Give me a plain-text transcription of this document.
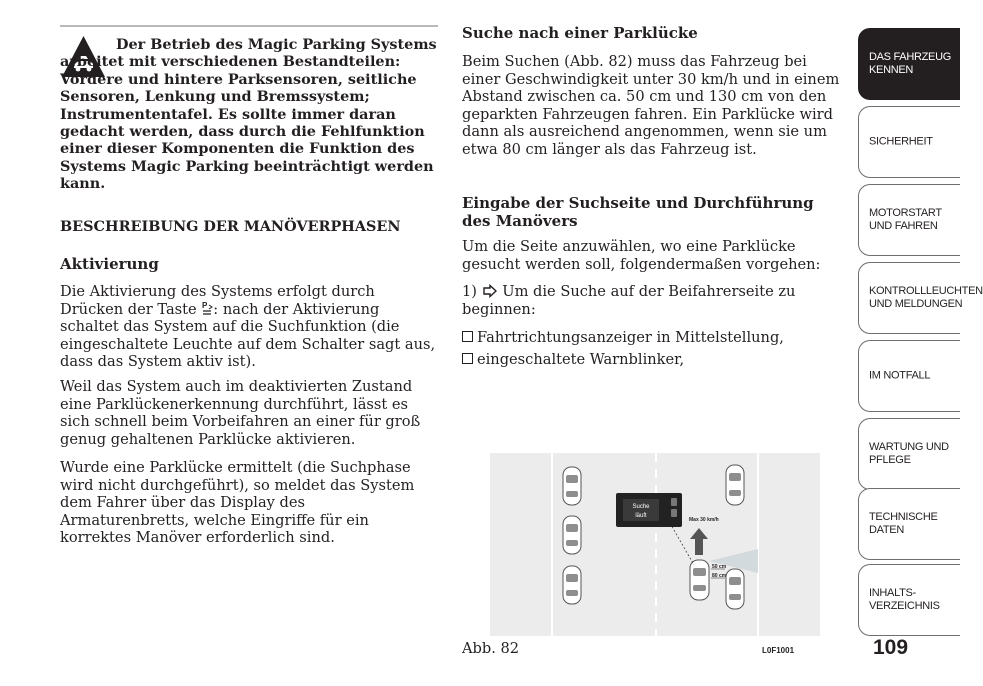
Der Betrieb des Magic Parking Systems arbeitet mit verschiedenen Bestandteilen: Vordere und hintere Parksensoren, seitliche Sensoren, Lenkung und Bremssystem; Instrumententafel. Es sollte immer daran gedacht werden, dass durch die Fehlfunktion einer dieser Komponenten die Funktion des Systems Magic Parking beeinträchtigt werden kann.

BESCHREIBUNG DER MANÖVERPHASEN
Aktivierung

Die Aktivierung des Systems erfolgt durch Drücken der Taste P : nach der Aktivierung schaltet das System auf die Suchfunktion (die eingeschaltete Leuchte auf dem Schalter sagt aus, dass das System aktiv ist).

Weil das System auch im deaktivierten Zustand eine Parklückenerkennung durchführt, lässt es sich schnell beim Vorbeifahren an einer für groß genug gehaltenen Parklücke aktivieren.

Wurde eine Parklücke ermittelt (die Suchphase wird nicht durchgeführt), so meldet das System dem Fahrer über das Display des Armaturenbretts, welche Eingriffe für ein korrektes Manöver erforderlich sind.

Suche nach einer Parklücke

Beim Suchen (Abb. 82) muss das Fahrzeug bei einer Geschwindigkeit unter 30 km/h und in einem Abstand zwischen ca. 50 cm und 130 cm von den geparkten Fahrzeugen fahren. Ein Parklücke wird dann als ausreichend angenommen, wenn sie um etwa 80 cm länger als das Fahrzeug ist.

Eingabe der Suchseite und Durchführung des Manövers

Um die Seite anzuwählen, wo eine Parklücke gesucht werden soll, folgendermaßen vorgehen:

1) Um die Suche auf der Beifahrerseite zu beginnen:

Fahrtrichtungsanzeiger in Mittelstellung,

eingeschaltete Warnblinker,

Suche
läuft
Max 30 km/h
50 cm
80 cm
Abb. 82	L0F1001
DAS FAHRZEUG KENNEN
SICHERHEIT
MOTORSTART UND FAHREN
KONTROLLLEUCHTEN UND MELDUNGEN
IM NOTFALL
WARTUNG UND PFLEGE
TECHNISCHE DATEN
INHALTS- VERZEICHNIS
109
